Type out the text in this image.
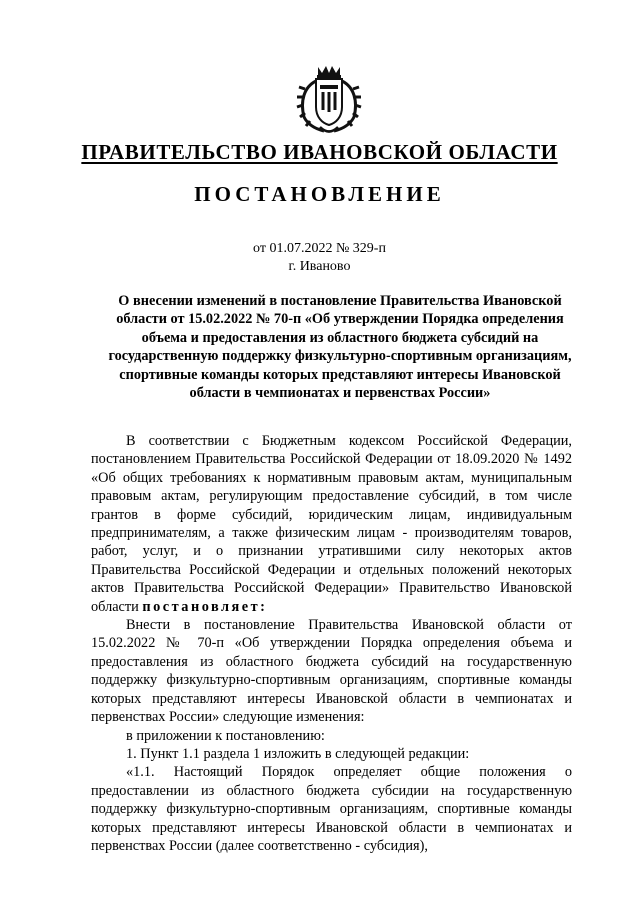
ПРАВИТЕЛЬСТВО ИВАНОВСКОЙ ОБЛАСТИ
ПОСТАНОВЛЕНИЕ
от 01.07.2022 № 329-п
г. Иваново
О внесении изменений в постановление Правительства Ивановской области от 15.02.2022 № 70-п «Об утверждении Порядка определения объема и предоставления из областного бюджета субсидий на государственную поддержку физкультурно-спортивным организациям, спортивные команды которых представляют интересы Ивановской области в чемпионатах и первенствах России»

В соответствии с Бюджетным кодексом Российской Федерации, постановлением Правительства Российской Федерации от 18.09.2020 № 1492 «Об общих требованиях к нормативным правовым актам, муниципальным правовым актам, регулирующим предоставление субсидий, в том числе грантов в форме субсидий, юридическим лицам, индивидуальным предпринимателям, а также физическим лицам - производителям товаров, работ, услуг, и о признании утратившими силу некоторых актов Правительства Российской Федерации и отдельных положений некоторых актов Правительства Российской Федерации» Правительство Ивановской области постановляет:

Внести в постановление Правительства Ивановской области от 15.02.2022 № 70-п «Об утверждении Порядка определения объема и предоставления из областного бюджета субсидий на государственную поддержку физкультурно-спортивным организациям, спортивные команды которых представляют интересы Ивановской области в чемпионатах и первенствах России» следующие изменения:

в приложении к постановлению:

1. Пункт 1.1 раздела 1 изложить в следующей редакции:

«1.1. Настоящий Порядок определяет общие положения о предоставлении из областного бюджета субсидии на государственную поддержку физкультурно-спортивным организациям, спортивные команды которых представляют интересы Ивановской области в чемпионатах и первенствах России (далее соответственно - субсидия),
